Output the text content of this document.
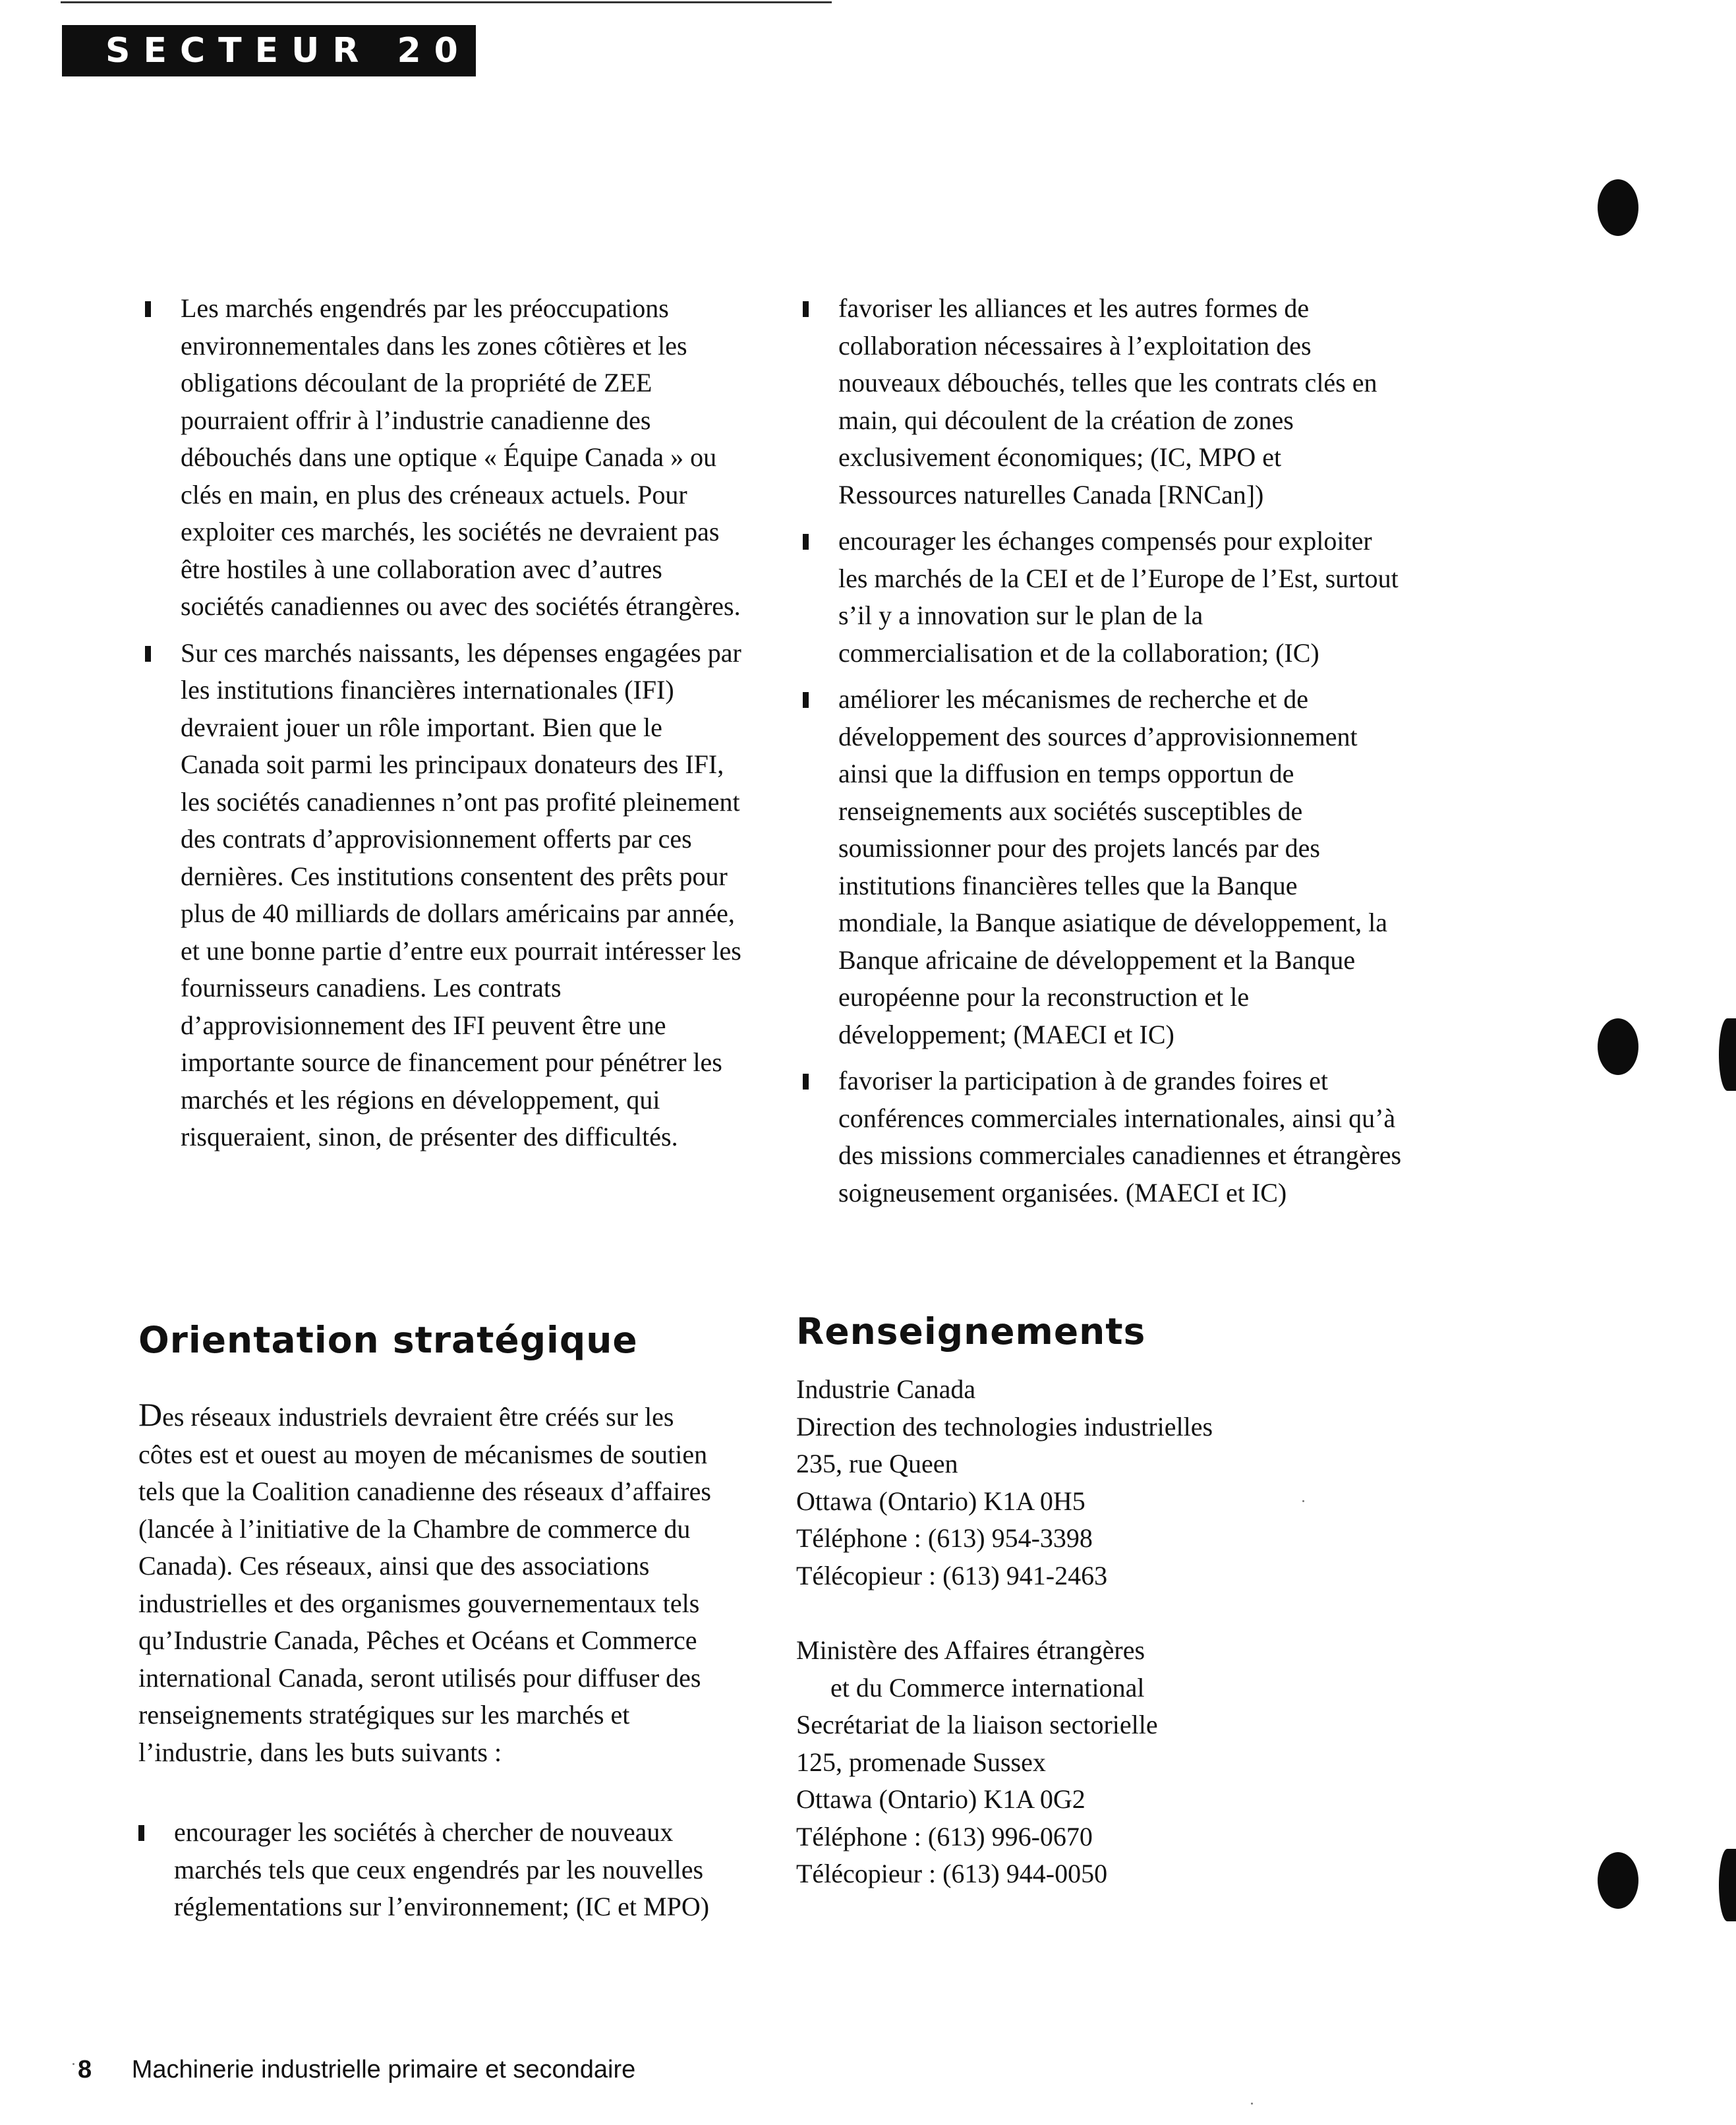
SECTEUR 20 .
Les marchés engendrés par les préoccupations environnementales dans les zones côtières et les obligations découlant de la propriété de ZEE pourraient offrir à l’industrie canadienne des débouchés dans une optique « Équipe Canada » ou clés en main, en plus des créneaux actuels. Pour exploiter ces marchés, les sociétés ne devraient pas être hostiles à une collaboration avec d’autres sociétés canadiennes ou avec des sociétés étrangères.
Sur ces marchés naissants, les dépenses engagées par les institutions financières internationales (IFI) devraient jouer un rôle important. Bien que le Canada soit parmi les principaux donateurs des IFI, les sociétés canadiennes n’ont pas profité pleinement des contrats d’approvisionnement offerts par ces dernières. Ces institutions consentent des prêts pour plus de 40 milliards de dollars américains par année, et une bonne partie d’entre eux pourrait intéresser les fournisseurs canadiens. Les contrats d’approvisionnement des IFI peuvent être une importante source de financement pour pénétrer les marchés et les régions en développement, qui risqueraient, sinon, de présenter des difficultés.
favoriser les alliances et les autres formes de collaboration nécessaires à l’exploitation des nouveaux débouchés, telles que les contrats clés en main, qui découlent de la création de zones exclusivement économiques; (IC, MPO et Ressources naturelles Canada [RNCan])
encourager les échanges compensés pour exploiter les marchés de la CEI et de l’Europe de l’Est, surtout s’il y a innovation sur le plan de la commercialisation et de la collaboration; (IC)
améliorer les mécanismes de recherche et de développement des sources d’approvisionnement ainsi que la diffusion en temps opportun de renseignements aux sociétés susceptibles de soumissionner pour des projets lancés par des institutions financières telles que la Banque mondiale, la Banque asiatique de développement, la Banque africaine de développement et la Banque européenne pour la reconstruction et le développement; (MAECI et IC)
favoriser la participation à de grandes foires et conférences commerciales internationales, ainsi qu’à des missions commerciales canadiennes et étrangères soigneusement organisées. (MAECI et IC)
Orientation stratégique

Des réseaux industriels devraient être créés sur les côtes est et ouest au moyen de mécanismes de soutien tels que la Coalition canadienne des réseaux d’affaires (lancée à l’initiative de la Chambre de commerce du Canada). Ces réseaux, ainsi que des associations industrielles et des organismes gouvernementaux tels qu’Industrie Canada, Pêches et Océans et Commerce international Canada, seront utilisés pour diffuser des renseignements stratégiques sur les marchés et l’industrie, dans les buts suivants :

encourager les sociétés à chercher de nouveaux marchés tels que ceux engendrés par les nouvelles réglementations sur l’environnement; (IC et MPO)
Renseignements
Industrie Canada
Direction des technologies industrielles
235, rue Queen
Ottawa (Ontario) K1A 0H5
Téléphone : (613) 954-3398
Télécopieur : (613) 941-2463
Ministère des Affaires étrangères
et du Commerce international
Secrétariat de la liaison sectorielle
125, promenade Sussex
Ottawa (Ontario) K1A 0G2
Téléphone : (613) 996-0670
Télécopieur : (613) 944-0050
8 Machinerie industrielle primaire et secondaire
